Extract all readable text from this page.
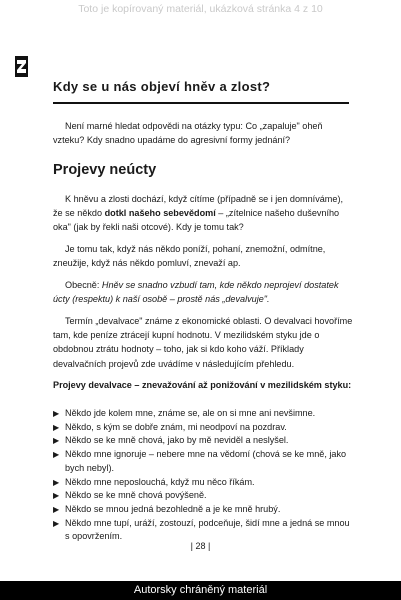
Toto je kopírovaný materiál, ukázková stránka 4 z 10
Kdy se u nás objeví hněv a zlost?

Není marné hledat odpovědi na otázky typu: Co „zapaluje" oheň vzteku? Kdy snadno upadáme do agresivní formy jednání?

Projevy neúcty

K hněvu a zlosti dochází, když cítíme (případně se i jen domníváme), že se někdo dotkl našeho sebevědomí – „zítelnice našeho duševního oka" (jak by řekli naši otcové). Kdy je tomu tak?

Je tomu tak, když nás někdo poníží, pohaní, znemožní, odmítne, zneužije, když nás někdo pomluví, znevaží ap.

Obecně: Hněv se snadno vzbudí tam, kde někdo neprojeví dostatek úcty (respektu) k naší osobě – prostě nás „devalvuje".

Termín „devalvace" známe z ekonomické oblasti. O devalvaci hovoříme tam, kde peníze ztrácejí kupní hodnotu. V mezilidském styku jde o obdobnou ztrátu hodnoty – toho, jak si kdo koho váží. Příklady devalvačních projevů zde uvádíme v následujícím přehledu.

Projevy devalvace – znevažování až ponižování v mezilidském styku:

▶ Někdo jde kolem mne, známe se, ale on si mne ani nevšimne.
▶ Někdo, s kým se dobře znám, mi neodpoví na pozdrav.
▶ Někdo se ke mně chová, jako by mě neviděl a neslyšel.
▶ Někdo mne ignoruje – nebere mne na vědomí (chová se ke mně, jako bych nebyl).
▶ Někdo mne neposlouchá, když mu něco říkám.
▶ Někdo se ke mně chová povýšeně.
▶ Někdo se mnou jedná bezohledně a je ke mně hrubý.
▶ Někdo mne tupí, uráží, zostouzí, podceňuje, šidí mne a jedná se mnou s opovržením.
| 28 |
Autorsky chráněný materiál
